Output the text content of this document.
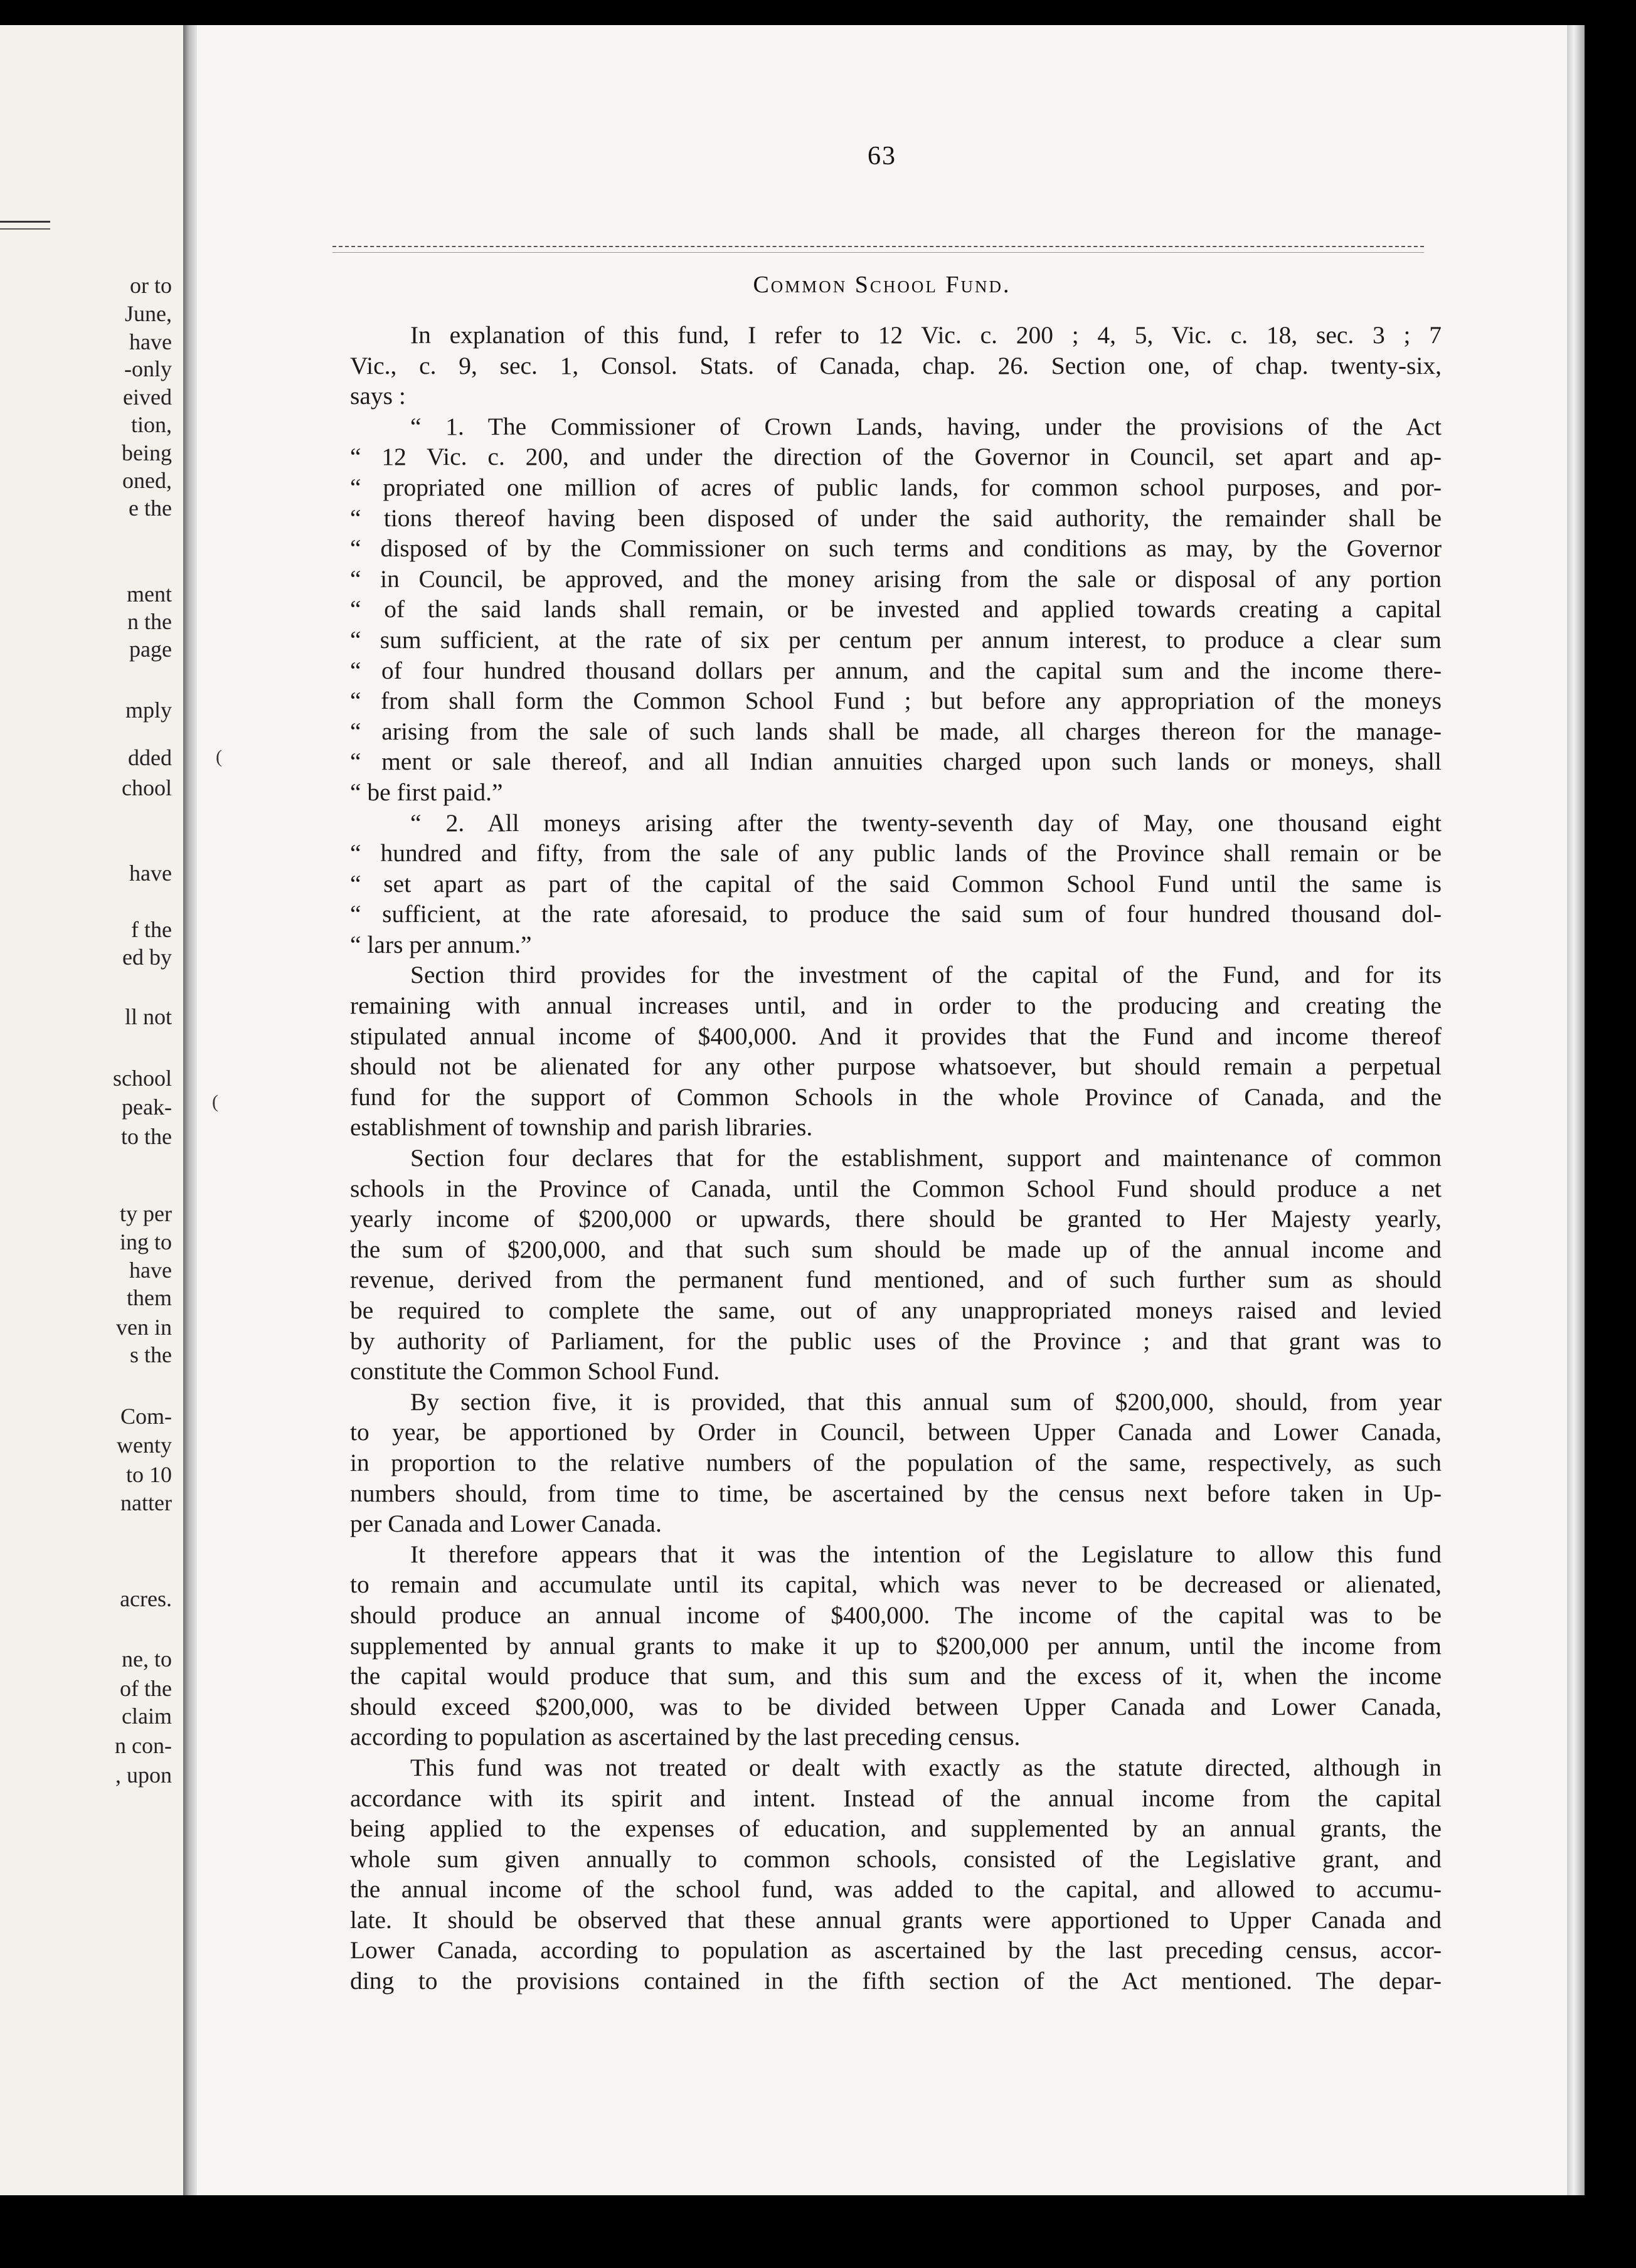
or to
June,
have
-only
eived
tion,
being
oned,
e the
ment
n the
page
mply
dded
chool
have
f the
ed by
ll not
school
peak-
to the
ty per
ing to
have
them
ven in
s the
Com-
wenty
to 10
natter
acres.
ne, to
of the
claim
n con-
, upon
(
(
63
Common School Fund.
In explanation of this fund, I refer to 12 Vic. c. 200 ; 4, 5, Vic. c. 18, sec. 3 ; 7
Vic., c. 9, sec. 1, Consol. Stats. of Canada, chap. 26. Section one, of chap. twenty-six,
says :
“ 1. The Commissioner of Crown Lands, having, under the provisions of the Act
“ 12 Vic. c. 200, and under the direction of the Governor in Council, set apart and ap-
“ propriated one million of acres of public lands, for common school purposes, and por-
“ tions thereof having been disposed of under the said authority, the remainder shall be
“ disposed of by the Commissioner on such terms and conditions as may, by the Governor
“ in Council, be approved, and the money arising from the sale or disposal of any portion
“ of the said lands shall remain, or be invested and applied towards creating a capital
“ sum sufficient, at the rate of six per centum per annum interest, to produce a clear sum
“ of four hundred thousand dollars per annum, and the capital sum and the income there-
“ from shall form the Common School Fund ; but before any appropriation of the moneys
“ arising from the sale of such lands shall be made, all charges thereon for the manage-
“ ment or sale thereof, and all Indian annuities charged upon such lands or moneys, shall
“ be first paid.”
“ 2. All moneys arising after the twenty-seventh day of May, one thousand eight
“ hundred and fifty, from the sale of any public lands of the Province shall remain or be
“ set apart as part of the capital of the said Common School Fund until the same is
“ sufficient, at the rate aforesaid, to produce the said sum of four hundred thousand dol-
“ lars per annum.”
Section third provides for the investment of the capital of the Fund, and for its
remaining with annual increases until, and in order to the producing and creating the
stipulated annual income of $400,000. And it provides that the Fund and income thereof
should not be alienated for any other purpose whatsoever, but should remain a perpetual
fund for the support of Common Schools in the whole Province of Canada, and the
establishment of township and parish libraries.
Section four declares that for the establishment, support and maintenance of common
schools in the Province of Canada, until the Common School Fund should produce a net
yearly income of $200,000 or upwards, there should be granted to Her Majesty yearly,
the sum of $200,000, and that such sum should be made up of the annual income and
revenue, derived from the permanent fund mentioned, and of such further sum as should
be required to complete the same, out of any unappropriated moneys raised and levied
by authority of Parliament, for the public uses of the Province ; and that grant was to
constitute the Common School Fund.
By section five, it is provided, that this annual sum of $200,000, should, from year
to year, be apportioned by Order in Council, between Upper Canada and Lower Canada,
in proportion to the relative numbers of the population of the same, respectively, as such
numbers should, from time to time, be ascertained by the census next before taken in Up-
per Canada and Lower Canada.
It therefore appears that it was the intention of the Legislature to allow this fund
to remain and accumulate until its capital, which was never to be decreased or alienated,
should produce an annual income of $400,000. The income of the capital was to be
supplemented by annual grants to make it up to $200,000 per annum, until the income from
the capital would produce that sum, and this sum and the excess of it, when the income
should exceed $200,000, was to be divided between Upper Canada and Lower Canada,
according to population as ascertained by the last preceding census.
This fund was not treated or dealt with exactly as the statute directed, although in
accordance with its spirit and intent. Instead of the annual income from the capital
being applied to the expenses of education, and supplemented by an annual grants, the
whole sum given annually to common schools, consisted of the Legislative grant, and
the annual income of the school fund, was added to the capital, and allowed to accumu-
late. It should be observed that these annual grants were apportioned to Upper Canada and
Lower Canada, according to population as ascertained by the last preceding census, accor-
ding to the provisions contained in the fifth section of the Act mentioned. The depar-
